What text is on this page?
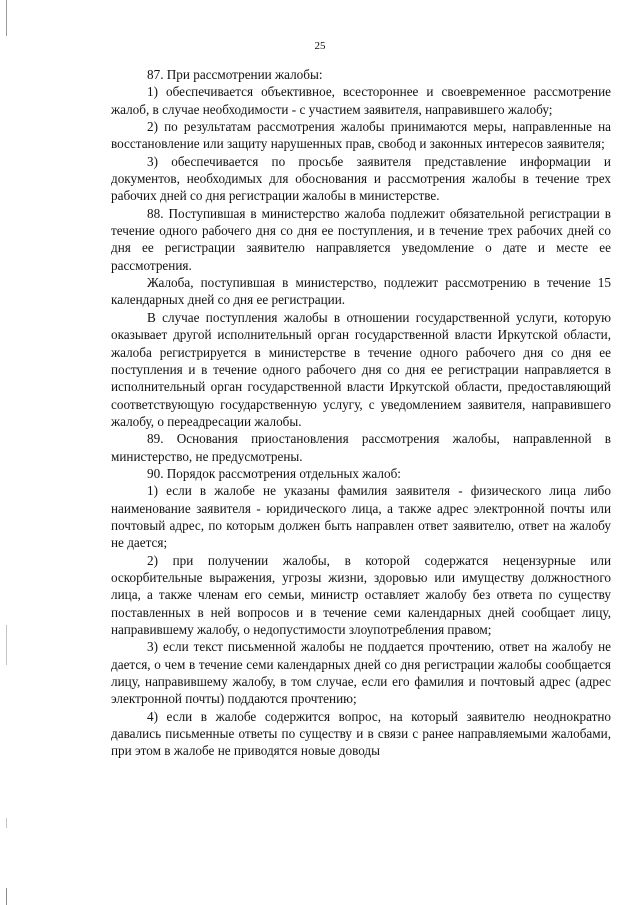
25

87. При рассмотрении жалобы:

1) обеспечивается объективное, всестороннее и своевременное рассмотрение жалоб, в случае необходимости - с участием заявителя, направившего жалобу;

2) по результатам рассмотрения жалобы принимаются меры, направленные на восстановление или защиту нарушенных прав, свобод и законных интересов заявителя;

3) обеспечивается по просьбе заявителя представление информации и документов, необходимых для обоснования и рассмотрения жалобы в течение трех рабочих дней со дня регистрации жалобы в министерстве.

88. Поступившая в министерство жалоба подлежит обязательной регистрации в течение одного рабочего дня со дня ее поступления, и в течение трех рабочих дней со дня ее регистрации заявителю направляется уведомление о дате и месте ее рассмотрения.

Жалоба, поступившая в министерство, подлежит рассмотрению в течение 15 календарных дней со дня ее регистрации.

В случае поступления жалобы в отношении государственной услуги, которую оказывает другой исполнительный орган государственной власти Иркутской области, жалоба регистрируется в министерстве в течение одного рабочего дня со дня ее поступления и в течение одного рабочего дня со дня ее регистрации направляется в исполнительный орган государственной власти Иркутской области, предоставляющий соответствующую государственную услугу, с уведомлением заявителя, направившего жалобу, о переадресации жалобы.

89. Основания приостановления рассмотрения жалобы, направленной в министерство, не предусмотрены.

90. Порядок рассмотрения отдельных жалоб:

1) если в жалобе не указаны фамилия заявителя - физического лица либо наименование заявителя - юридического лица, а также адрес электронной почты или почтовый адрес, по которым должен быть направлен ответ заявителю, ответ на жалобу не дается;

2) при получении жалобы, в которой содержатся нецензурные или оскорбительные выражения, угрозы жизни, здоровью или имуществу должностного лица, а также членам его семьи, министр оставляет жалобу без ответа по существу поставленных в ней вопросов и в течение семи календарных дней сообщает лицу, направившему жалобу, о недопустимости злоупотребления правом;

3) если текст письменной жалобы не поддается прочтению, ответ на жалобу не дается, о чем в течение семи календарных дней со дня регистрации жалобы сообщается лицу, направившему жалобу, в том случае, если его фамилия и почтовый адрес (адрес электронной почты) поддаются прочтению;

4) если в жалобе содержится вопрос, на который заявителю неоднократно давались письменные ответы по существу и в связи с ранее направляемыми жалобами, при этом в жалобе не приводятся новые доводы
